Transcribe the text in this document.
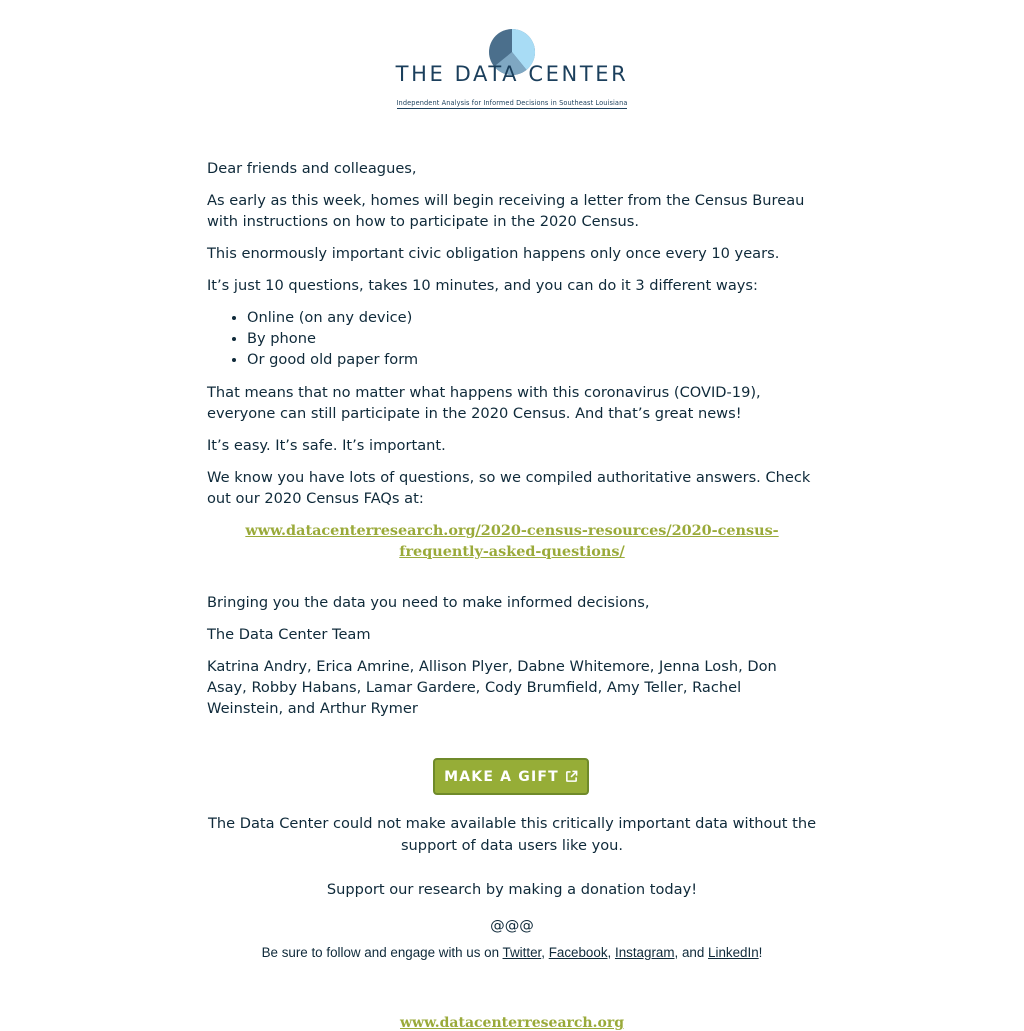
THE DATA CENTER
Independent Analysis for Informed Decisions in Southeast Louisiana

Dear friends and colleagues,

As early as this week, homes will begin receiving a letter from the Census Bureau with instructions on how to participate in the 2020 Census.

This enormously important civic obligation happens only once every 10 years.

It’s just 10 questions, takes 10 minutes, and you can do it 3 different ways:

• Online (on any device)
• By phone
• Or good old paper form

That means that no matter what happens with this coronavirus (COVID-19), everyone can still participate in the 2020 Census. And that’s great news!

It’s easy. It’s safe. It’s important.

We know you have lots of questions, so we compiled authoritative answers. Check out our 2020 Census FAQs at:

www.datacenterresearch.org/2020-census-resources/2020-census-frequently-asked-questions/

Bringing you the data you need to make informed decisions,

The Data Center Team

Katrina Andry, Erica Amrine, Allison Plyer, Dabne Whitemore, Jenna Losh, Don Asay, Robby Habans, Lamar Gardere, Cody Brumfield, Amy Teller, Rachel Weinstein, and Arthur Rymer

MAKE A GIFT
The Data Center could not make available this critically important data without the support of data users like you.
Support our research by making a donation today!
@@@
Be sure to follow and engage with us on Twitter, Facebook, Instagram, and LinkedIn!
www.datacenterresearch.org
